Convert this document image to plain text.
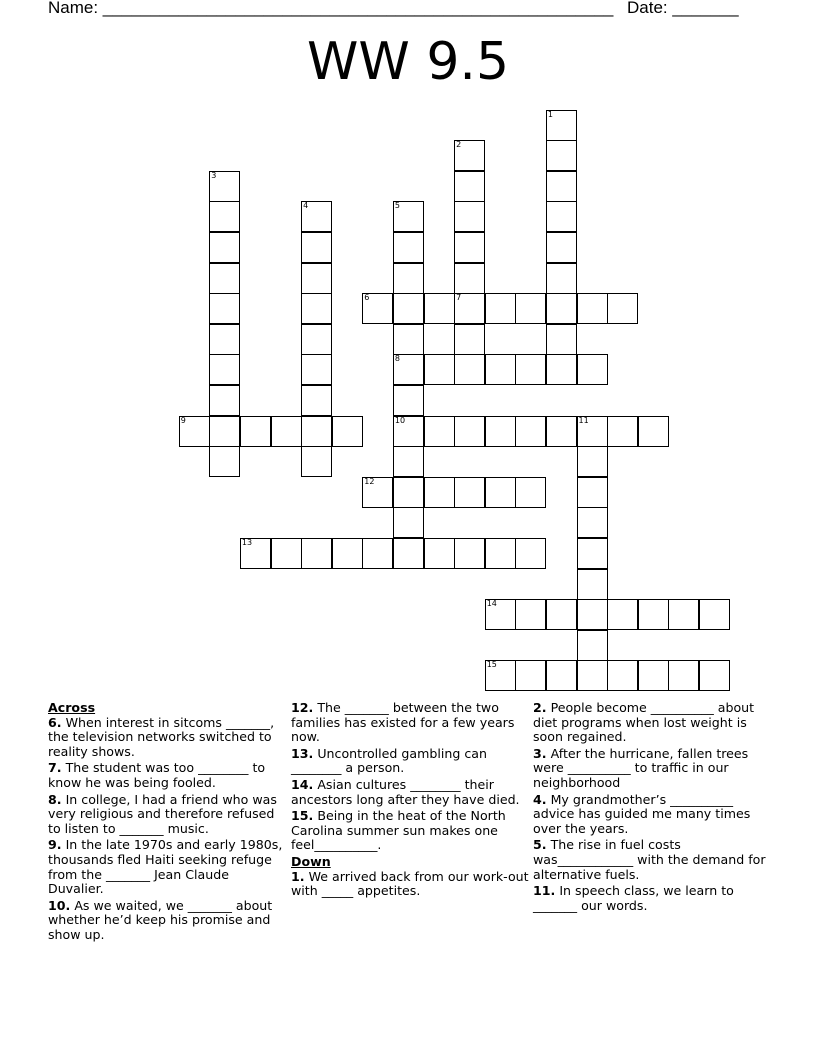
Name: ______________________________________________________ Date: _______
WW 9.5
1
2
7
3
4	5
8
10
6
9	11
12
13
14
15
Across

6. When interest in sitcoms _______, the television networks switched to reality shows.

7. The student was too ________ to know he was being fooled.

8. In college, I had a friend who was very religious and therefore refused to listen to _______ music.

9. In the late 1970s and early 1980s, thousands fled Haiti seeking refuge from the _______ Jean Claude Duvalier.

10. As we waited, we _______ about whether he’d keep his promise and show up.

12. The _______ between the two families has existed for a few years now.

13. Uncontrolled gambling can ________ a person.

14. Asian cultures ________ their ancestors long after they have died.

15. Being in the heat of the North Carolina summer sun makes one feel__________.

Down

1. We arrived back from our work-out with _____ appetites.

2. People become __________ about diet programs when lost weight is soon regained.

3. After the hurricane, fallen trees were __________ to traffic in our neighborhood

4. My grandmother’s __________ advice has guided me many times over the years.

5. The rise in fuel costs was____________ with the demand for alternative fuels.

11. In speech class, we learn to _______ our words.
